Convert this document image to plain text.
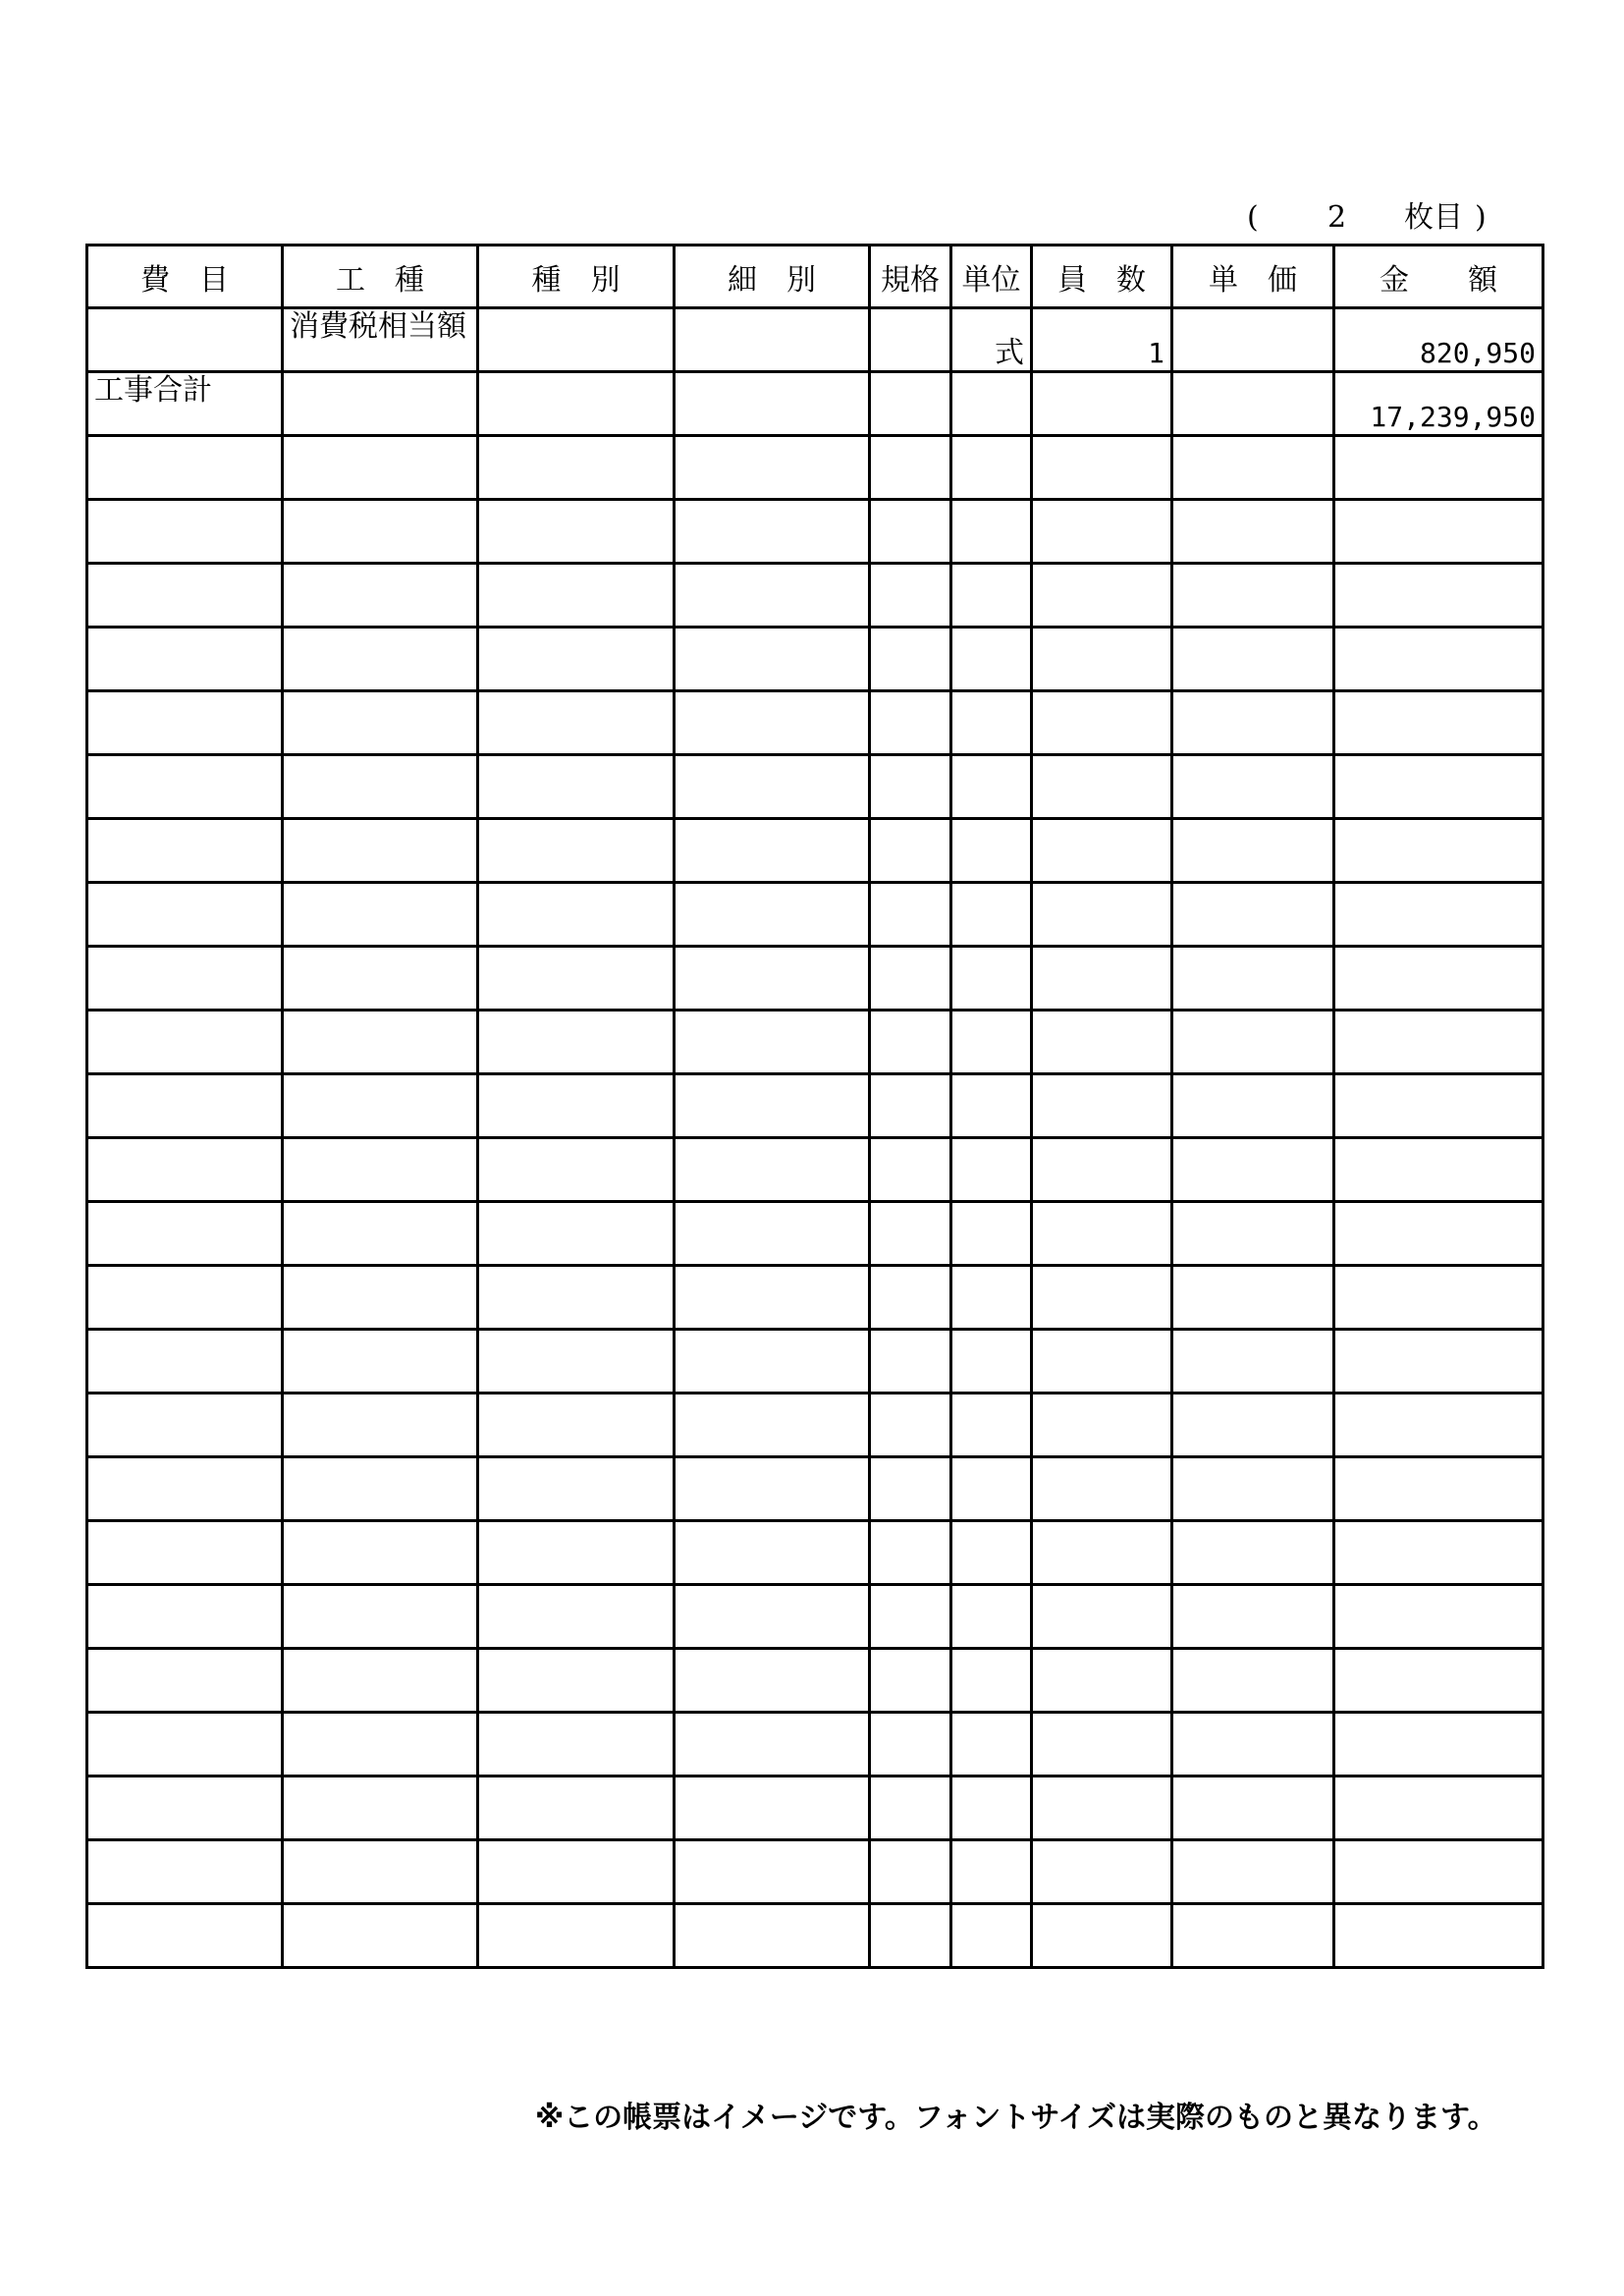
( 2 枚目 )
費　目	工　種	種　別	細　別	規格	単位	員　数	単　価	金　　額

	消費税相当額				式	1		820,950

工事合計								17,239,950

※この帳票はイメージです。フォントサイズは実際のものと異なります。
